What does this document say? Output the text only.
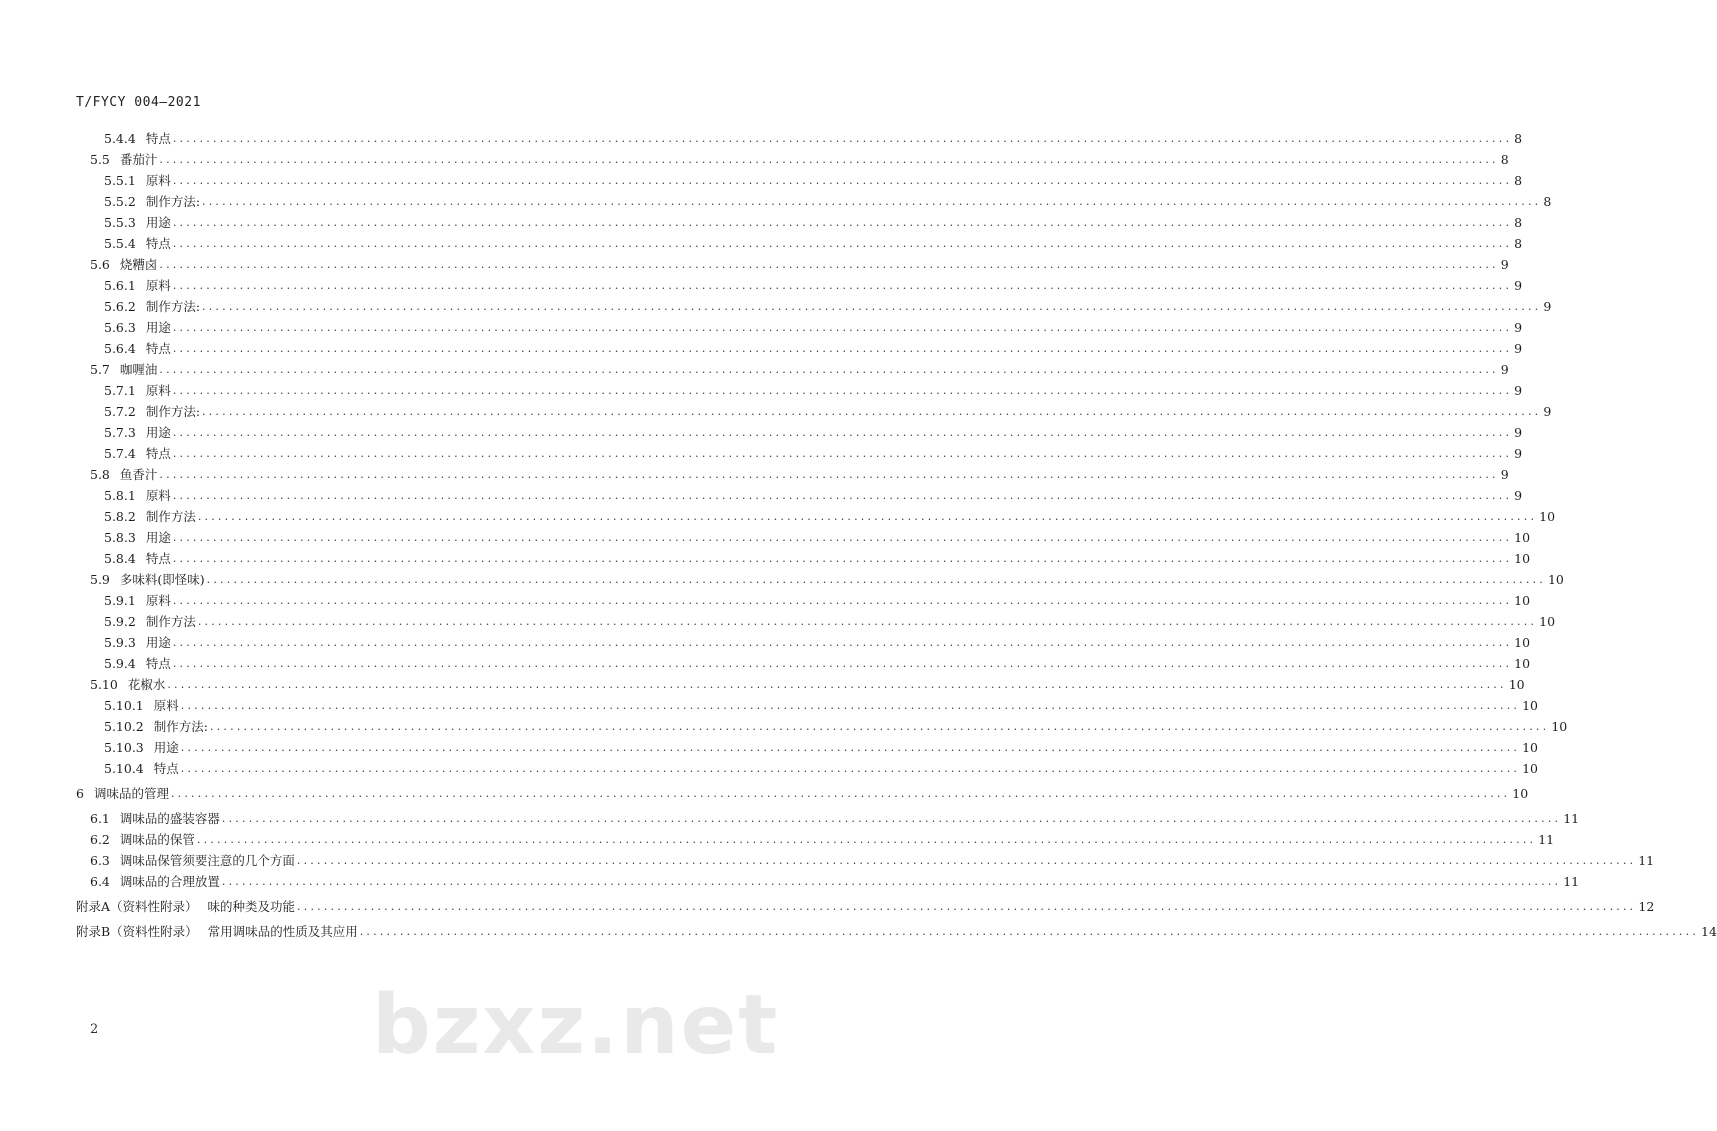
T/FYCY 004—2021
5.4.4 特点 ........................................................................................................................................................................................................ 8
5.5 番茄汁 ........................................................................................................................................................................................................ 8
5.5.1 原料 ........................................................................................................................................................................................................ 8
5.5.2 制作方法: ........................................................................................................................................................................................................ 8
5.5.3 用途 ........................................................................................................................................................................................................ 8
5.5.4 特点 ........................................................................................................................................................................................................ 8
5.6 烧糟卤 ........................................................................................................................................................................................................ 9
5.6.1 原料 ........................................................................................................................................................................................................ 9
5.6.2 制作方法: ........................................................................................................................................................................................................ 9
5.6.3 用途 ........................................................................................................................................................................................................ 9
5.6.4 特点 ........................................................................................................................................................................................................ 9
5.7 咖喱油 ........................................................................................................................................................................................................ 9
5.7.1 原料 ........................................................................................................................................................................................................ 9
5.7.2 制作方法: ........................................................................................................................................................................................................ 9
5.7.3 用途 ........................................................................................................................................................................................................ 9
5.7.4 特点 ........................................................................................................................................................................................................ 9
5.8 鱼香汁 ........................................................................................................................................................................................................ 9
5.8.1 原料 ........................................................................................................................................................................................................ 9
5.8.2 制作方法 ........................................................................................................................................................................................................ 10
5.8.3 用途 ........................................................................................................................................................................................................ 10
5.8.4 特点 ........................................................................................................................................................................................................ 10
5.9 多味料(即怪味) ........................................................................................................................................................................................................ 10
5.9.1 原料 ........................................................................................................................................................................................................ 10
5.9.2 制作方法 ........................................................................................................................................................................................................ 10
5.9.3 用途 ........................................................................................................................................................................................................ 10
5.9.4 特点 ........................................................................................................................................................................................................ 10
5.10 花椒水 ........................................................................................................................................................................................................ 10
5.10.1 原料 ........................................................................................................................................................................................................ 10
5.10.2 制作方法: ........................................................................................................................................................................................................ 10
5.10.3 用途 ........................................................................................................................................................................................................ 10
5.10.4 特点 ........................................................................................................................................................................................................ 10
6 调味品的管理 ........................................................................................................................................................................................................ 10
6.1 调味品的盛装容器 ........................................................................................................................................................................................................ 11
6.2 调味品的保管 ........................................................................................................................................................................................................ 11
6.3 调味品保管须要注意的几个方面 ........................................................................................................................................................................................................ 11
6.4 调味品的合理放置 ........................................................................................................................................................................................................ 11
附录A（资料性附录） 味的种类及功能 ........................................................................................................................................................................................................ 12
附录B（资料性附录） 常用调味品的性质及其应用 ........................................................................................................................................................................................................ 14
2	bzxz.net
